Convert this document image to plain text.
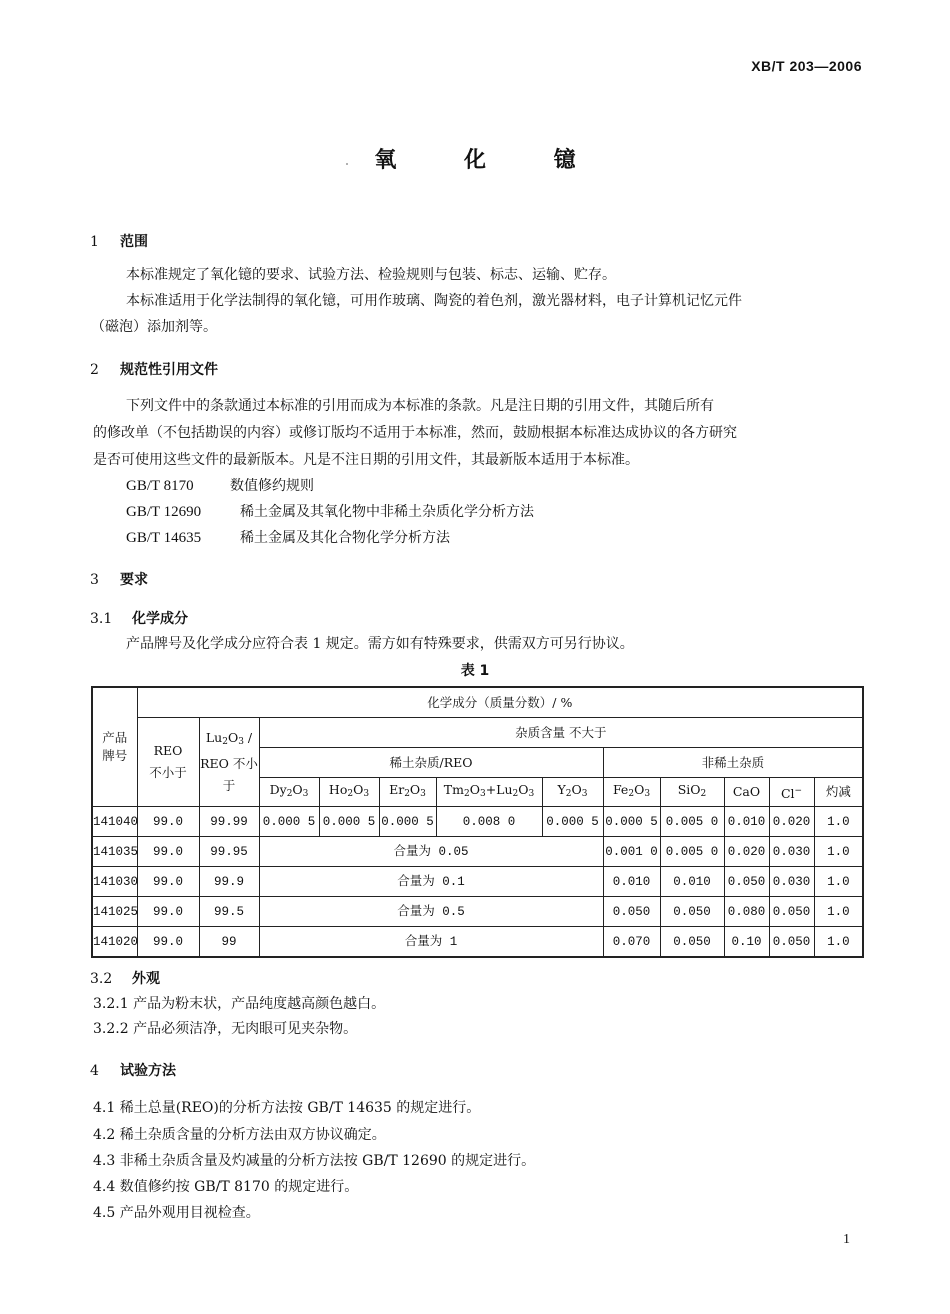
XB/T 203—2006
氧 化 镱
1 范围
本标准规定了氧化镱的要求、试验方法、检验规则与包装、标志、运输、贮存。
本标准适用于化学法制得的氧化镱，可用作玻璃、陶瓷的着色剂，激光器材料，电子计算机记忆元件
（磁泡）添加剂等。
2 规范性引用文件
下列文件中的条款通过本标准的引用而成为本标准的条款。凡是注日期的引用文件，其随后所有
的修改单（不包括勘误的内容）或修订版均不适用于本标准，然而，鼓励根据本标准达成协议的各方研究
是否可使用这些文件的最新版本。凡是不注日期的引用文件，其最新版本适用于本标准。
GB/T 8170	数值修约规则
GB/T 12690	稀土金属及其氧化物中非稀土杂质化学分析方法
GB/T 14635	稀土金属及其化合物化学分析方法
3 要求
3.1 化学成分
产品牌号及化学成分应符合表 1 规定。需方如有特殊要求，供需双方可另行协议。
表 1
产品牌号	化学成分（质量分数）/ %											
	REO 不小于	$Lu_2O_3$ / REO 不小于	杂质含量 不大于									
			稀土杂质/REO					非稀土杂质				
			$Dy_2O_3$	$Ho_2O_3$	$Er_2O_3$	$Tm_2O_3+Lu_2O_3$	$Y_2O_3$	$Fe_2O_3$	SiO$_2$	CaO	Cl−	灼减
141040	99.0	99.99	0.000 5	0.000 5	0.000 5	0.008 0	0.000 5	0.000 5	0.005 0	0.010	0.020	1.0
141035	99.0	99.95	合量为 0.05					0.001 0	0.005 0	0.020	0.030	1.0
141030	99.0	99.9	合量为 0.1					0.010	0.010	0.050	0.030	1.0
141025	99.0	99.5	合量为 0.5					0.050	0.050	0.080	0.050	1.0
141020	99.0	99	合量为 1					0.070	0.050	0.10	0.050	1.0
3.2 外观
3.2.1 产品为粉末状，产品纯度越高颜色越白。
3.2.2 产品必须洁净，无肉眼可见夹杂物。
4 试验方法
4.1 稀土总量(REO)的分析方法按 GB/T 14635 的规定进行。
4.2 稀土杂质含量的分析方法由双方协议确定。
4.3 非稀土杂质含量及灼减量的分析方法按 GB/T 12690 的规定进行。
4.4 数值修约按 GB/T 8170 的规定进行。
4.5 产品外观用目视检查。
1
